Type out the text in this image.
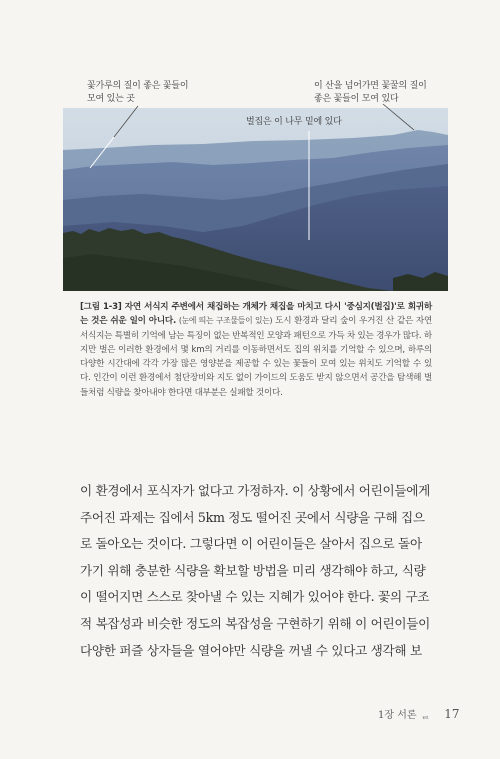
꽃가루의 질이 좋은 꽃들이
모여 있는 곳
이 산을 넘어가면 꽃꿀의 질이
좋은 꽃들이 모여 있다
벌집은 이 나무 밑에 있다
[그림 1-3] 자연 서식지 주변에서 채집하는 개체가 채집을 마치고 다시 '중심지(벌집)'로 회귀하는 것은 쉬운 일이 아니다. (눈에 띄는 구조물들이 있는) 도시 환경과 달리 숲이 우거진 산 같은 자연 서식지는 특별히 기억에 남는 특징이 없는 반복적인 모양과 패턴으로 가득 차 있는 경우가 많다. 하지만 벌은 이러한 환경에서 몇 km의 거리를 이동하면서도 집의 위치를 기억할 수 있으며, 하루의 다양한 시간대에 각각 가장 많은 영양분을 제공할 수 있는 꽃들이 모여 있는 위치도 기억할 수 있다. 인간이 이런 환경에서 첨단장비와 지도 없이 가이드의 도움도 받지 않으면서 공간을 탐색해 벌들처럼 식량을 찾아내야 한다면 대부분은 실패할 것이다.
이 환경에서 포식자가 없다고 가정하자. 이 상황에서 어린이들에게
주어진 과제는 집에서 5km 정도 떨어진 곳에서 식량을 구해 집으
로 돌아오는 것이다. 그렇다면 이 어린이들은 살아서 집으로 돌아
가기 위해 충분한 식량을 확보할 방법을 미리 생각해야 하고, 식량
이 떨어지면 스스로 찾아낼 수 있는 지혜가 있어야 한다. 꽃의 구조
적 복잡성과 비슷한 정도의 복잡성을 구현하기 위해 이 어린이들이
다양한 퍼즐 상자들을 열어야만 식량을 꺼낼 수 있다고 생각해 보
1장 서론 ᆯ 17
